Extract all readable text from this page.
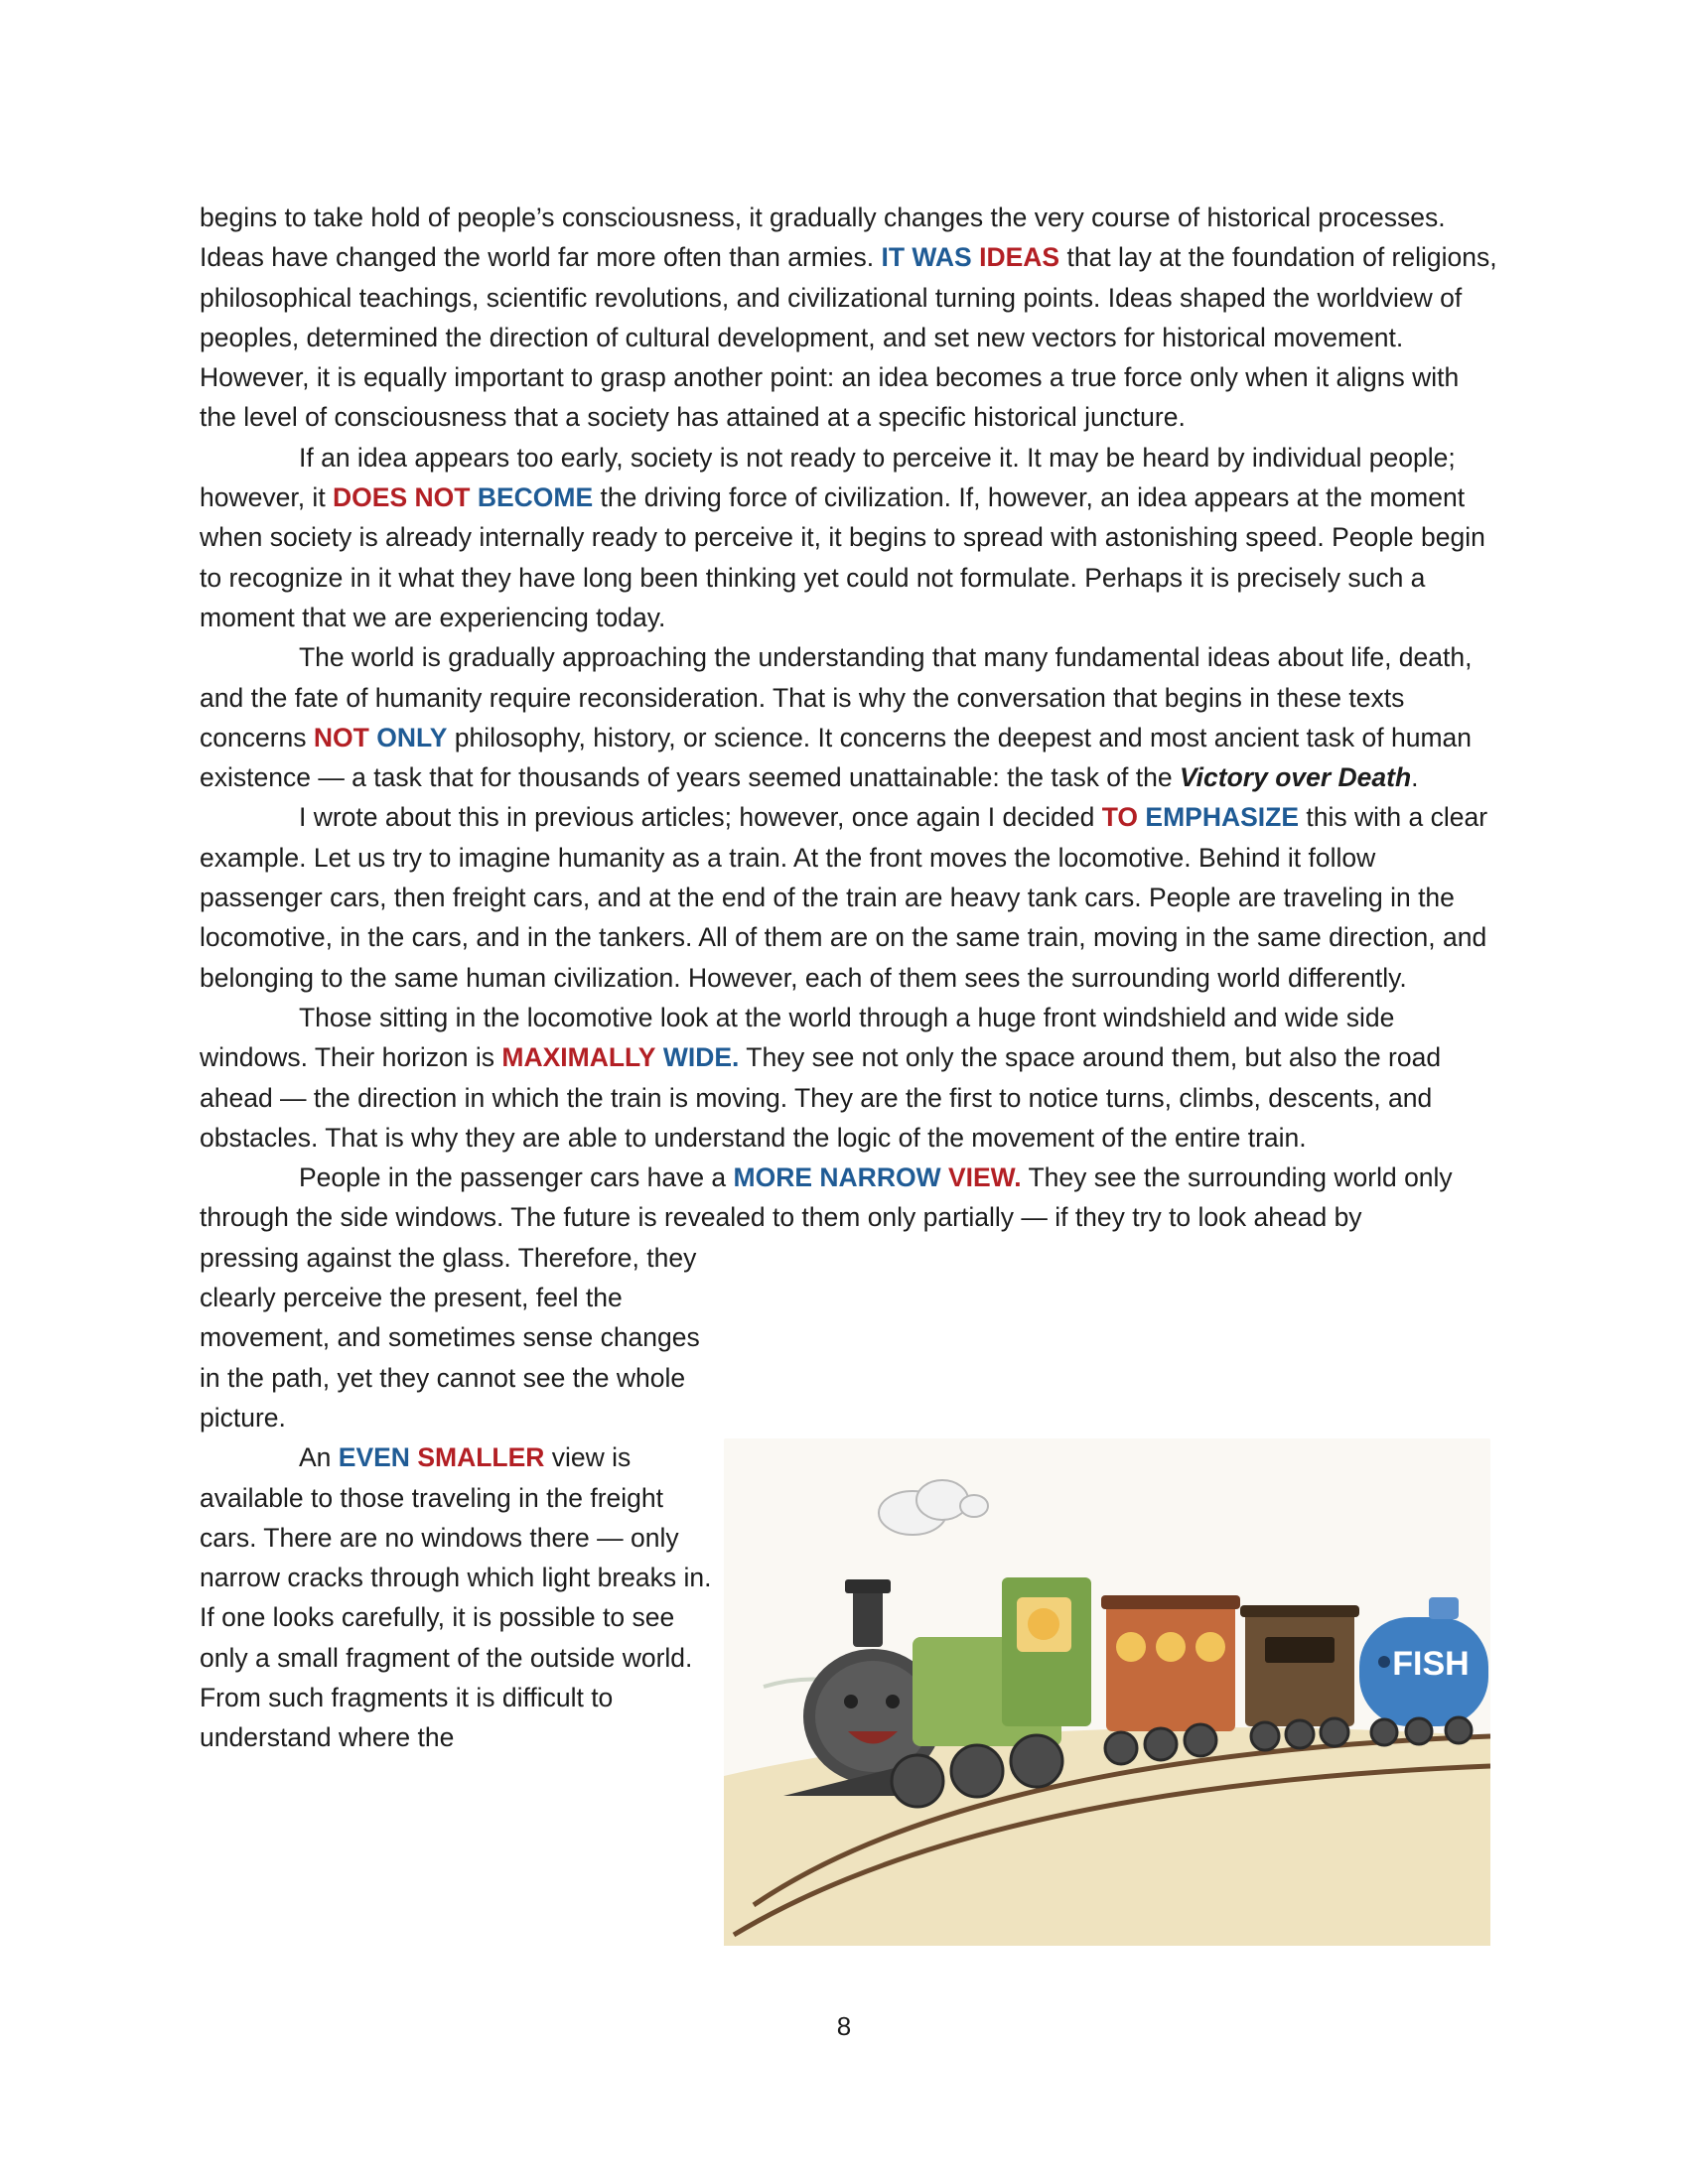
begins to take hold of people’s consciousness, it gradually changes the very course of historical processes. Ideas have changed the world far more often than armies. IT WAS IDEAS that lay at the foundation of religions, philosophical teachings, scientific revolutions, and civilizational turning points. Ideas shaped the worldview of peoples, determined the direction of cultural development, and set new vectors for historical movement. However, it is equally important to grasp another point: an idea becomes a true force only when it aligns with the level of consciousness that a society has attained at a specific historical juncture.

If an idea appears too early, society is not ready to perceive it. It may be heard by individual people; however, it DOES NOT BECOME the driving force of civilization. If, however, an idea appears at the moment when society is already internally ready to perceive it, it begins to spread with astonishing speed. People begin to recognize in it what they have long been thinking yet could not formulate. Perhaps it is precisely such a moment that we are experiencing today.

The world is gradually approaching the understanding that many fundamental ideas about life, death, and the fate of humanity require reconsideration. That is why the conversation that begins in these texts concerns NOT ONLY philosophy, history, or science. It concerns the deepest and most ancient task of human existence — a task that for thousands of years seemed unattainable: the task of the Victory over Death.

I wrote about this in previous articles; however, once again I decided TO EMPHASIZE this with a clear example. Let us try to imagine humanity as a train. At the front moves the locomotive. Behind it follow passenger cars, then freight cars, and at the end of the train are heavy tank cars. People are traveling in the locomotive, in the cars, and in the tankers. All of them are on the same train, moving in the same direction, and belonging to the same human civilization. However, each of them sees the surrounding world differently.

Those sitting in the locomotive look at the world through a huge front windshield and wide side windows. Their horizon is MAXIMALLY WIDE. They see not only the space around them, but also the road ahead — the direction in which the train is moving. They are the first to notice turns, climbs, descents, and obstacles. That is why they are able to understand the logic of the movement of the entire train.

People in the passenger cars have a MORE NARROW VIEW. They see the surrounding world only through the side windows. The future is revealed to them only partially — if they try to look ahead by

pressing against the glass. Therefore, they clearly perceive the present, feel the movement, and sometimes sense changes in the path, yet they cannot see the whole picture.

An EVEN SMALLER view is available to those traveling in the freight cars. There are no windows there — only narrow cracks through which light breaks in. If one looks carefully, it is possible to see only a small fragment of the outside world. From such fragments it is difficult to understand where the

FISH
8
